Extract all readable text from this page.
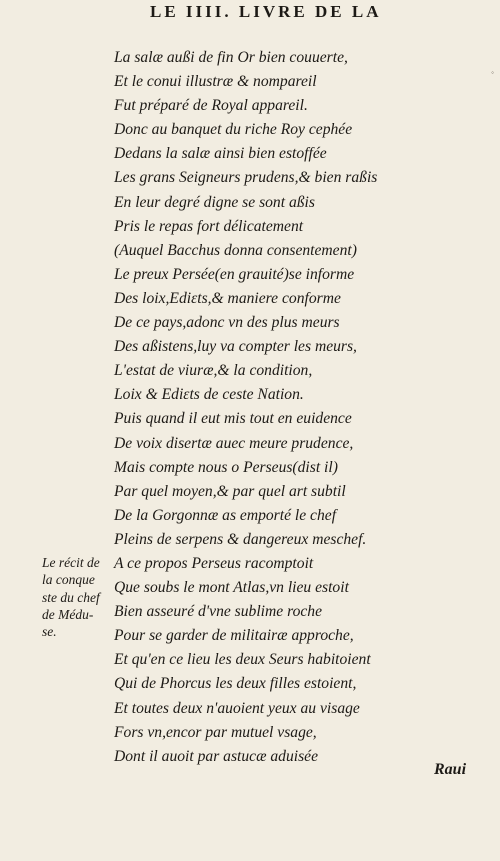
LE IIII. LIVRE DE LA
◦
La salæ außi de fin Or bien couuerte,
Et le conui illustræ & nompareil
Fut préparé de Royal appareil.
Donc au banquet du riche Roy cephée
Dedans la salæ ainsi bien estoffée
Les grans Seigneurs prudens,& bien raßis
En leur degré digne se sont aßis
Pris le repas fort délicatement
(Auquel Bacchus donna consentement)
Le preux Persée(en grauité)se informe
Des loix,Ediɛts,& maniere conforme
De ce pays,adonc vn des plus meurs
Des aßistens,luy va compter les meurs,
L'estat de viuræ,& la condition,
Loix & Ediɛts de ceste Nation.
Puis quand il eut mis tout en euidence
De voix disertæ auec meure prudence,
Mais compte nous o Perseus(dist il)
Par quel moyen,& par quel art subtil
De la Gorgonnæ as emporté le chef
Pleins de serpens & dangereux meschef.
A ce propos Perseus racomptoit
Que soubs le mont Atlas,vn lieu estoit
Bien asseuré d'vne sublime roche
Pour se garder de militairæ approche,
Et qu'en ce lieu les deux Seurs habitoient
Qui de Phorcus les deux filles estoient,
Et toutes deux n'auoient yeux au visage
Fors vn,encor par mutuel vsage,
Dont il auoit par astucæ aduisée
Le récit de
la conque
ste du chef
de Médu-
se.
Raui
